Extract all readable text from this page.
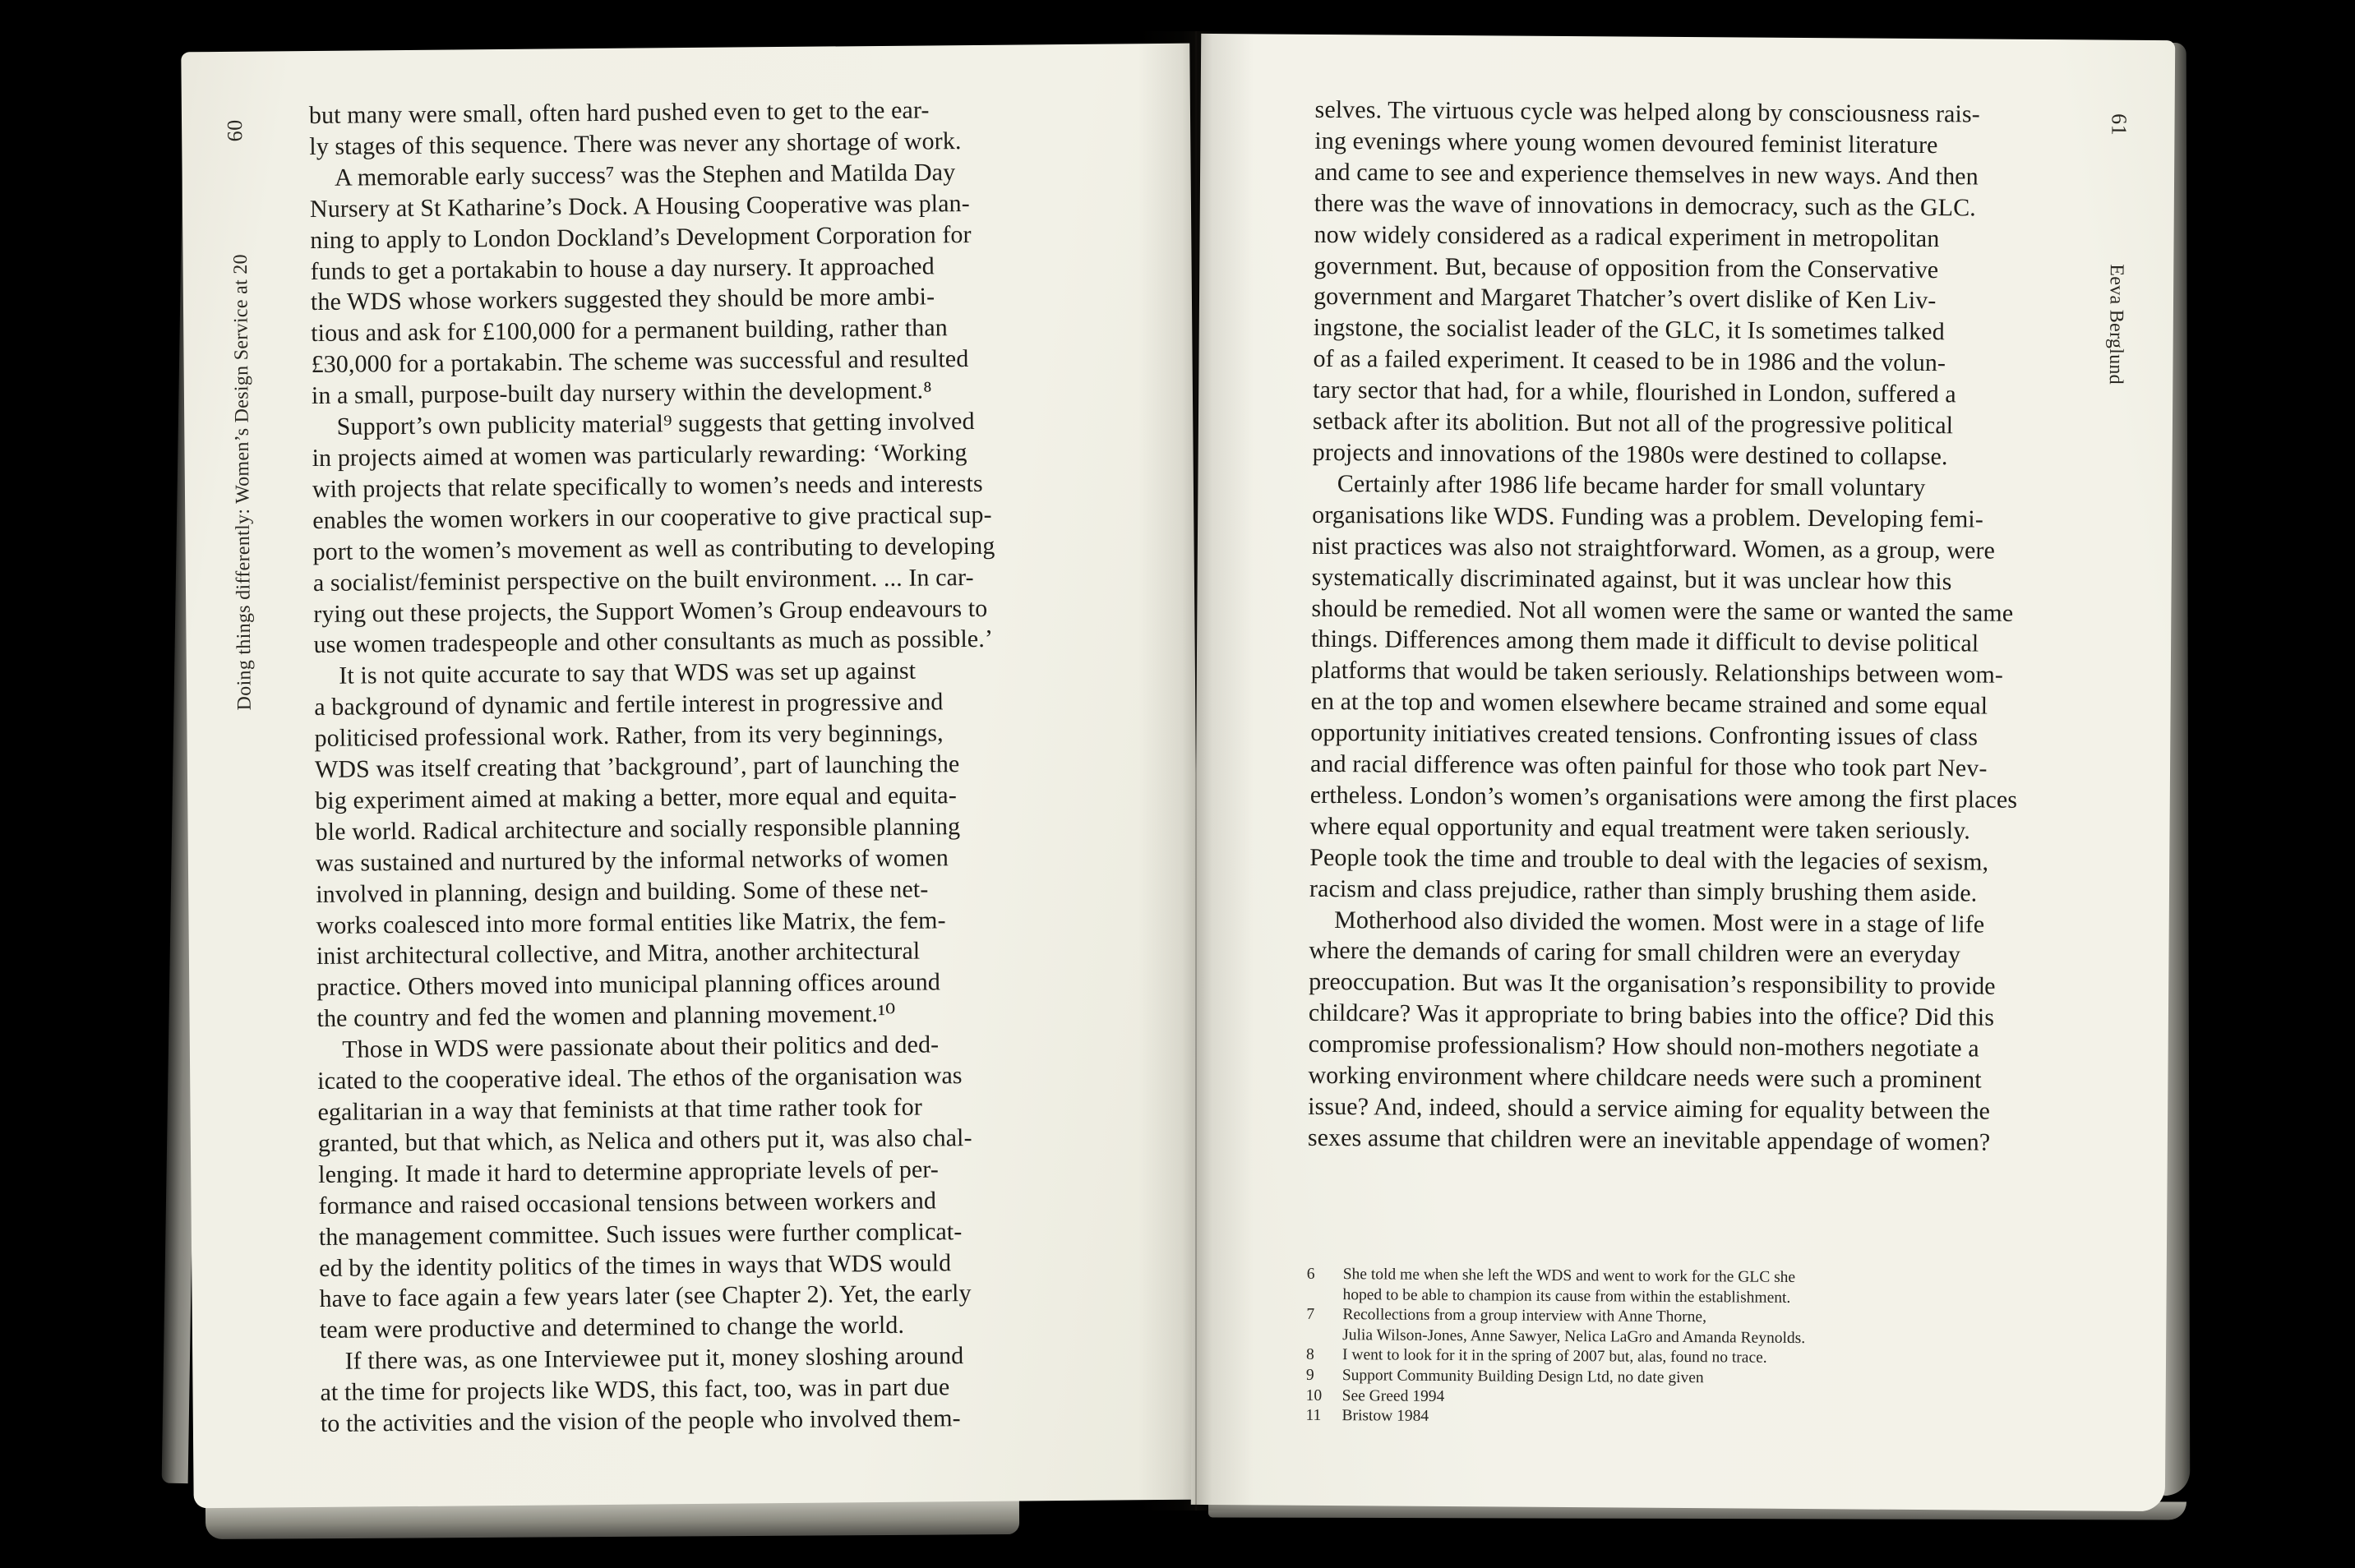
60
Doing things differently: Women’s Design Service at 20
but many were small, often hard pushed even to get to the ear-
ly stages of this sequence. There was never any shortage of work.
A memorable early success⁷ was the Stephen and Matilda Day
Nursery at St Katharine’s Dock. A Housing Cooperative was plan-
ning to apply to London Dockland’s Development Corporation for
funds to get a portakabin to house a day nursery. It approached
the WDS whose workers suggested they should be more ambi-
tious and ask for £100,000 for a permanent building, rather than
£30,000 for a portakabin. The scheme was successful and resulted
in a small, purpose-built day nursery within the development.⁸
Support’s own publicity material⁹ suggests that getting involved
in projects aimed at women was particularly rewarding: ‘Working
with projects that relate specifically to women’s needs and interests
enables the women workers in our cooperative to give practical sup-
port to the women’s movement as well as contributing to developing
a socialist/feminist perspective on the built environment. ... In car-
rying out these projects, the Support Women’s Group endeavours to
use women tradespeople and other consultants as much as possible.’
It is not quite accurate to say that WDS was set up against
a background of dynamic and fertile interest in progressive and
politicised professional work. Rather, from its very beginnings,
WDS was itself creating that ’background’, part of launching the
big experiment aimed at making a better, more equal and equita-
ble world. Radical architecture and socially responsible planning
was sustained and nurtured by the informal networks of women
involved in planning, design and building. Some of these net-
works coalesced into more formal entities like Matrix, the fem-
inist architectural collective, and Mitra, another architectural
practice. Others moved into municipal planning offices around
the country and fed the women and planning movement.¹⁰
Those in WDS were passionate about their politics and ded-
icated to the cooperative ideal. The ethos of the organisation was
egalitarian in a way that feminists at that time rather took for
granted, but that which, as Nelica and others put it, was also chal-
lenging. It made it hard to determine appropriate levels of per-
formance and raised occasional tensions between workers and
the management committee. Such issues were further complicat-
ed by the identity politics of the times in ways that WDS would
have to face again a few years later (see Chapter 2). Yet, the early
team were productive and determined to change the world.
If there was, as one Interviewee put it, money sloshing around
at the time for projects like WDS, this fact, too, was in part due
to the activities and the vision of the people who involved them-
61
Eeva Berglund
selves. The virtuous cycle was helped along by consciousness rais-
ing evenings where young women devoured feminist literature
and came to see and experience themselves in new ways. And then
there was the wave of innovations in democracy, such as the GLC.
now widely considered as a radical experiment in metropolitan
government. But, because of opposition from the Conservative
government and Margaret Thatcher’s overt dislike of Ken Liv-
ingstone, the socialist leader of the GLC, it Is sometimes talked
of as a failed experiment. It ceased to be in 1986 and the volun-
tary sector that had, for a while, flourished in London, suffered a
setback after its abolition. But not all of the progressive political
projects and innovations of the 1980s were destined to collapse.
Certainly after 1986 life became harder for small voluntary
organisations like WDS. Funding was a problem. Developing femi-
nist practices was also not straightforward. Women, as a group, were
systematically discriminated against, but it was unclear how this
should be remedied. Not all women were the same or wanted the same
things. Differences among them made it difficult to devise political
platforms that would be taken seriously. Relationships between wom-
en at the top and women elsewhere became strained and some equal
opportunity initiatives created tensions. Confronting issues of class
and racial difference was often painful for those who took part Nev-
ertheless. London’s women’s organisations were among the first places
where equal opportunity and equal treatment were taken seriously.
People took the time and trouble to deal with the legacies of sexism,
racism and class prejudice, rather than simply brushing them aside.
Motherhood also divided the women. Most were in a stage of life
where the demands of caring for small children were an everyday
preoccupation. But was It the organisation’s responsibility to provide
childcare? Was it appropriate to bring babies into the office? Did this
compromise professionalism? How should non-mothers negotiate a
working environment where childcare needs were such a prominent
issue? And, indeed, should a service aiming for equality between the
sexes assume that children were an inevitable appendage of women?
6	She told me when she left the WDS and went to work for the GLC she
hoped to be able to champion its cause from within the establishment.
7	Recollections from a group interview with Anne Thorne,
Julia Wilson-Jones, Anne Sawyer, Nelica LaGro and Amanda Reynolds.
8	I went to look for it in the spring of 2007 but, alas, found no trace.
9	Support Community Building Design Ltd, no date given
10	See Greed 1994
11	Bristow 1984
